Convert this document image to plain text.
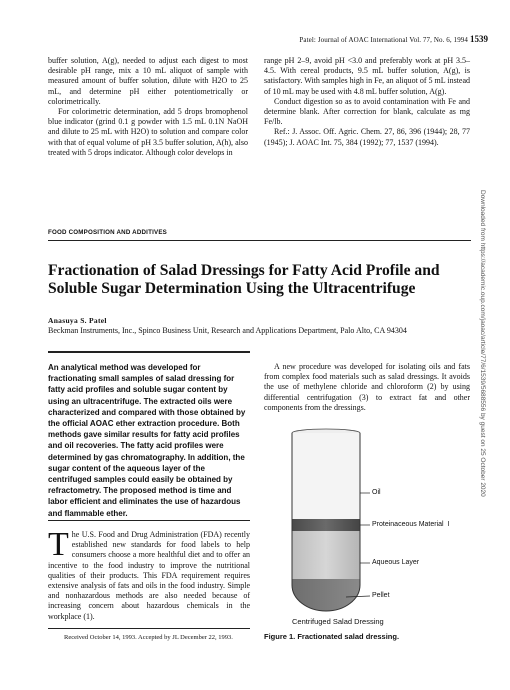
Patel: Journal of AOAC International Vol. 77, No. 6, 1994 1539

buffer solution, A(g), needed to adjust each digest to most desirable pH range, mix a 10 mL aliquot of sample with measured amount of buffer solution, dilute with H2O to 25 mL, and determine pH either potentiometrically or colorimetrically.

For colorimetric determination, add 5 drops bromophenol blue indicator (grind 0.1 g powder with 1.5 mL 0.1N NaOH and dilute to 25 mL with H2O) to solution and compare color with that of equal volume of pH 3.5 buffer solution, A(h), also treated with 5 drops indicator. Although color develops in

range pH 2–9, avoid pH <3.0 and preferably work at pH 3.5–4.5. With cereal products, 9.5 mL buffer solution, A(g), is satisfactory. With samples high in Fe, an aliquot of 5 mL instead of 10 mL may be used with 4.8 mL buffer solution, A(g).

Conduct digestion so as to avoid contamination with Fe and determine blank. After correction for blank, calculate as mg Fe/lb.

Ref.: J. Assoc. Off. Agric. Chem. 27, 86, 396 (1944); 28, 77 (1945); J. AOAC Int. 75, 384 (1992); 77, 1537 (1994).

FOOD COMPOSITION AND ADDITIVES
Fractionation of Salad Dressings for Fatty Acid Profile and Soluble Sugar Determination Using the Ultracentrifuge
Anasuya S. Patel
Beckman Instruments, Inc., Spinco Business Unit, Research and Applications Department, Palo Alto, CA 94304
An analytical method was developed for fractionating small samples of salad dressing for fatty acid profiles and soluble sugar content by using an ultracentrifuge. The extracted oils were characterized and compared with those obtained by the official AOAC ether extraction procedure. Both methods gave similar results for fatty acid profiles and oil recoveries. The fatty acid profiles were determined by gas chromatography. In addition, the sugar content of the aqueous layer of the centrifuged samples could easily be obtained by refractometry. The proposed method is time and labor efficient and eliminates the use of hazardous and flammable ether.
The U.S. Food and Drug Administration (FDA) recently established new standards for food labels to help consumers choose a more healthful diet and to offer an incentive to the food industry to improve the nutritional qualities of their products. This FDA requirement requires extensive analysis of fats and oils in the food industry. Simple and nonhazardous methods are also needed because of increasing concern about hazardous chemicals in the workplace (1).
Received October 14, 1993. Accepted by JL December 22, 1993.
A new procedure was developed for isolating oils and fats from complex food materials such as salad dressings. It avoids the use of methylene chloride and chloroform (2) by using differential centrifugation (3) to extract fat and other components from the dressings.
Oil
Proteinaceous Material  I
Aqueous Layer
Pellet
Centrifuged Salad Dressing
Figure 1. Fractionated salad dressing.
Downloaded from https://academic.oup.com/jaoac/article/77/6/1539/5688556 by guest on 25 October 2020
